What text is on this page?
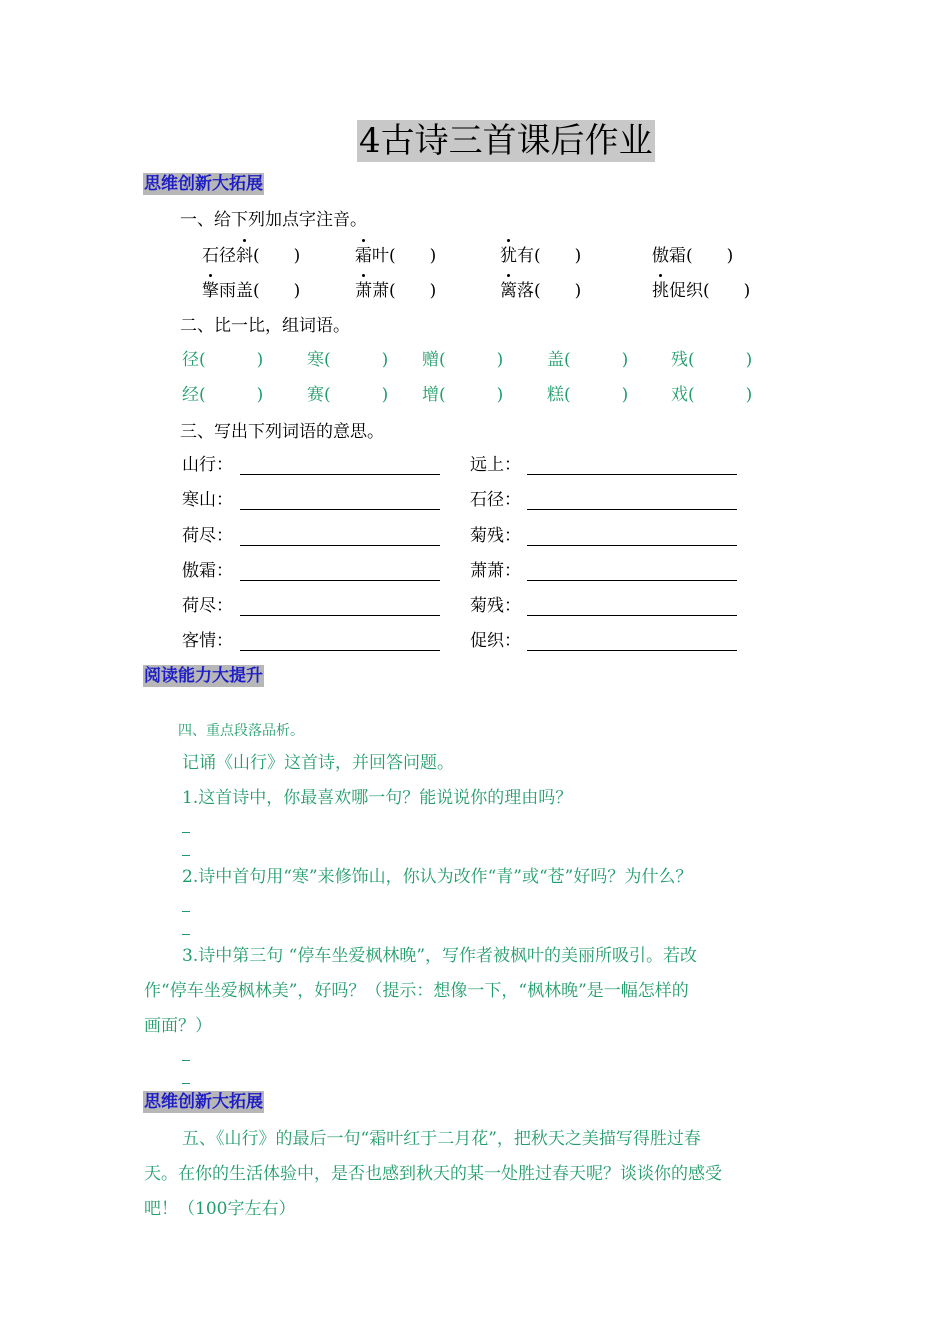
4古诗三首课后作业
思维创新大拓展
一、给下列加点字注音。
石径斜(　　)	霜叶(　　)	犹有(　　)	傲霜(　　)
擎雨盖(　　)	萧萧(　　)	篱落(　　)	挑促织(　　)
二、比一比，组词语。
径(　　　)	寒(　　　) 赠(　　　)	盖(　　　)	残(　　　)
经(　　　)	赛(　　　) 增(　　　)	糕(　　　)	戏(　　　)
三、写出下列词语的意思。
山行：	远上：
寒山：	石径：
荷尽：	菊残：
傲霜：	萧萧：
荷尽：	菊残：
客情：	促织：
阅读能力大提升
四、重点段落品析。
记诵《山行》这首诗，并回答问题。
1.这首诗中，你最喜欢哪一句？能说说你的理由吗？
2.诗中首句用“寒”来修饰山，你认为改作“青”或“苍”好吗？为什么？
3.诗中第三句 “停车坐爱枫林晚”，写作者被枫叶的美丽所吸引。若改
作“停车坐爱枫林美”，好吗？（提示：想像一下，“枫林晚”是一幅怎样的
画面？）
思维创新大拓展
五、《山行》的最后一句“霜叶红于二月花”，把秋天之美描写得胜过春
天。在你的生活体验中，是否也感到秋天的某一处胜过春天呢？谈谈你的感受
吧！（100字左右）
